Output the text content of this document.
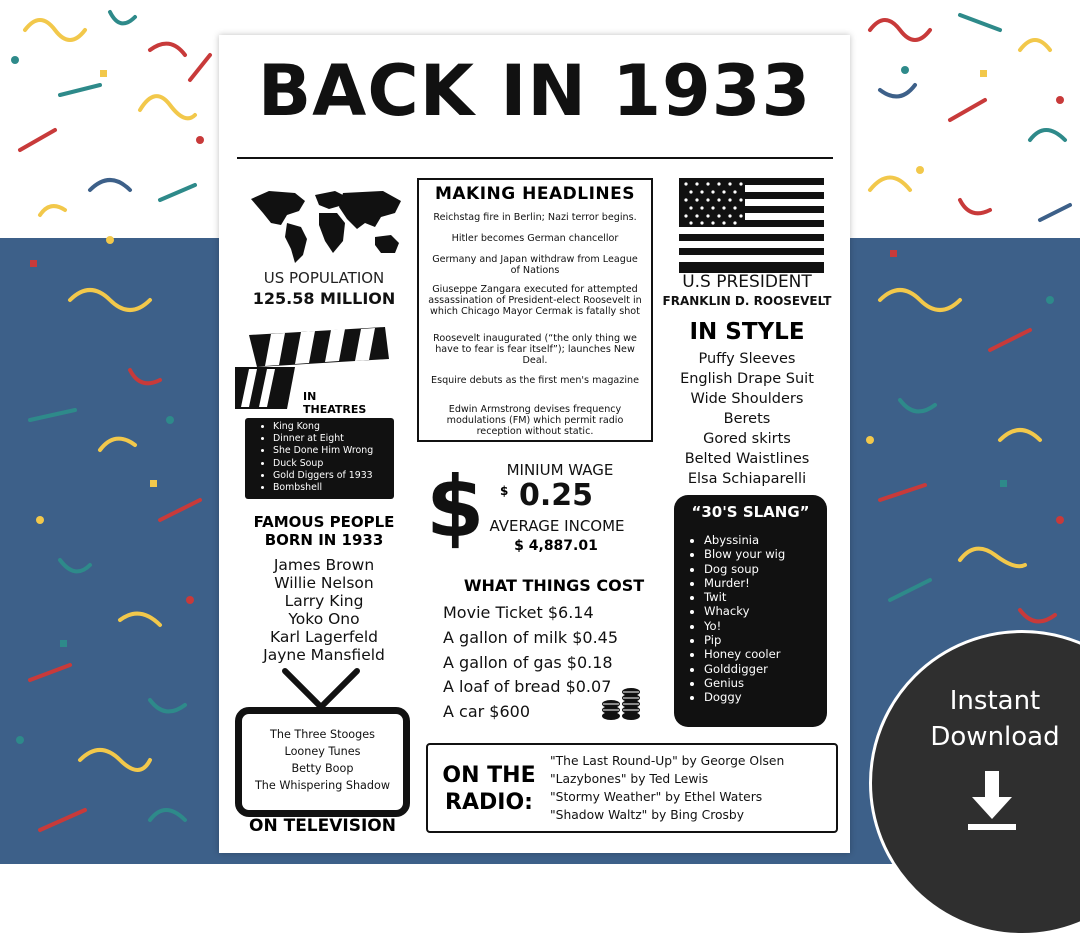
BACK IN 1933
US POPULATION
125.58 MILLION
MAKING HEADLINES
Reichstag fire in Berlin; Nazi terror begins.
Hitler becomes German chancellor
Germany and Japan withdraw from League of Nations
Giuseppe Zangara executed for attempted assassination of President-elect Roosevelt in which Chicago Mayor Cermak is fatally shot
Roosevelt inaugurated (“the only thing we have to fear is fear itself”); launches New Deal.
Esquire debuts as the first men's magazine
Edwin Armstrong devises frequency modulations (FM) which permit radio reception without static.
U.S PRESIDENT
FRANKLIN D. ROOSEVELT
IN STYLE
Puffy Sleeves
English Drape Suit
Wide Shoulders
Berets
Gored skirts
Belted Waistlines
Elsa Schiaparelli
IN THEATRES
• King Kong
• Dinner at Eight
• She Done Him Wrong
• Duck Soup
• Gold Diggers of 1933
• Bombshell
FAMOUS PEOPLE BORN IN 1933
James Brown
Willie Nelson
Larry King
Yoko Ono
Karl Lagerfeld
Jayne Mansfield
$	MINIUM WAGE
$ 0.25
AVERAGE INCOME
$ 4,887.01
WHAT THINGS COST
Movie Ticket $6.14
A gallon of milk $0.45
A gallon of gas $0.18
A loaf of bread $0.07
A car $600
“30'S SLANG”
• Abyssinia
• Blow your wig
• Dog soup
• Murder!
• Twit
• Whacky
• Yo!
• Pip
• Honey cooler
• Golddigger
• Genius
• Doggy
The Three Stooges
Looney Tunes
Betty Boop
The Whispering Shadow
ON TELEVISION
ON THE
RADIO:
"The Last Round-Up" by George Olsen
"Lazybones" by Ted Lewis
"Stormy Weather" by Ethel Waters
"Shadow Waltz" by Bing Crosby
Instant
Download
